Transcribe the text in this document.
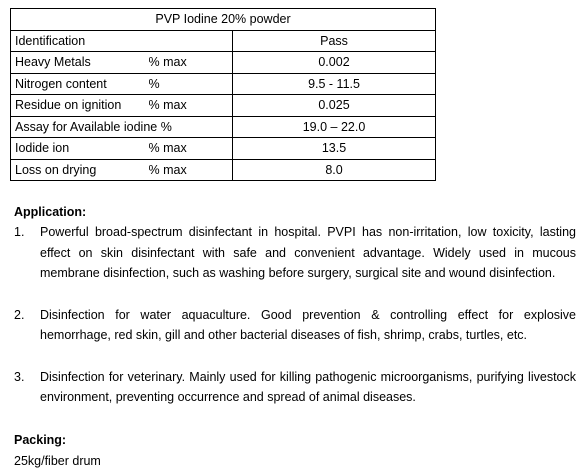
PVP Iodine 20% powder		
Identification		Pass
Heavy Metals	% max	0.002
Nitrogen content	%	9.5 - 11.5
Residue on ignition	% max	0.025
Assay for Available iodine %		19.0 – 22.0
Iodide ion	% max	13.5
Loss on drying	% max	8.0
Application:
1. Powerful broad-spectrum disinfectant in hospital. PVPI has non-irritation, low toxicity, lasting effect on skin disinfectant with safe and convenient advantage. Widely used in mucous membrane disinfection, such as washing before surgery, surgical site and wound disinfection.
2. Disinfection for water aquaculture. Good prevention & controlling effect for explosive hemorrhage, red skin, gill and other bacterial diseases of fish, shrimp, crabs, turtles, etc.
3. Disinfection for veterinary. Mainly used for killing pathogenic microorganisms, purifying livestock environment, preventing occurrence and spread of animal diseases.
Packing:
25kg/fiber drum
